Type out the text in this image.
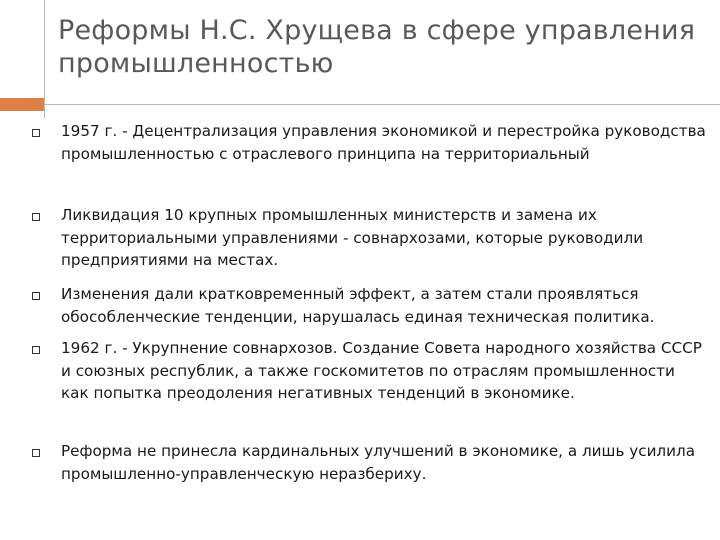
Реформы Н.С. Хрущева в сфере управления промышленностью
1957 г. - Децентрализация управления экономикой и перестройка руководства промышленностью с отраслевого принципа на территориальный
Ликвидация 10 крупных промышленных министерств и замена их территориальными управлениями - совнархозами, которые руководили предприятиями на местах.
Изменения дали кратковременный эффект, а затем стали проявляться обособленческие тенденции, нарушалась единая техническая политика.
1962 г. - Укрупнение совнархозов. Создание Совета народного хозяйства СССР и союзных республик, а также госкомитетов по отраслям промышленности как попытка преодоления негативных тенденций в экономике.
Реформа не принесла кардинальных улучшений в экономике, а лишь усилила промышленно-управленческую неразбериху.
